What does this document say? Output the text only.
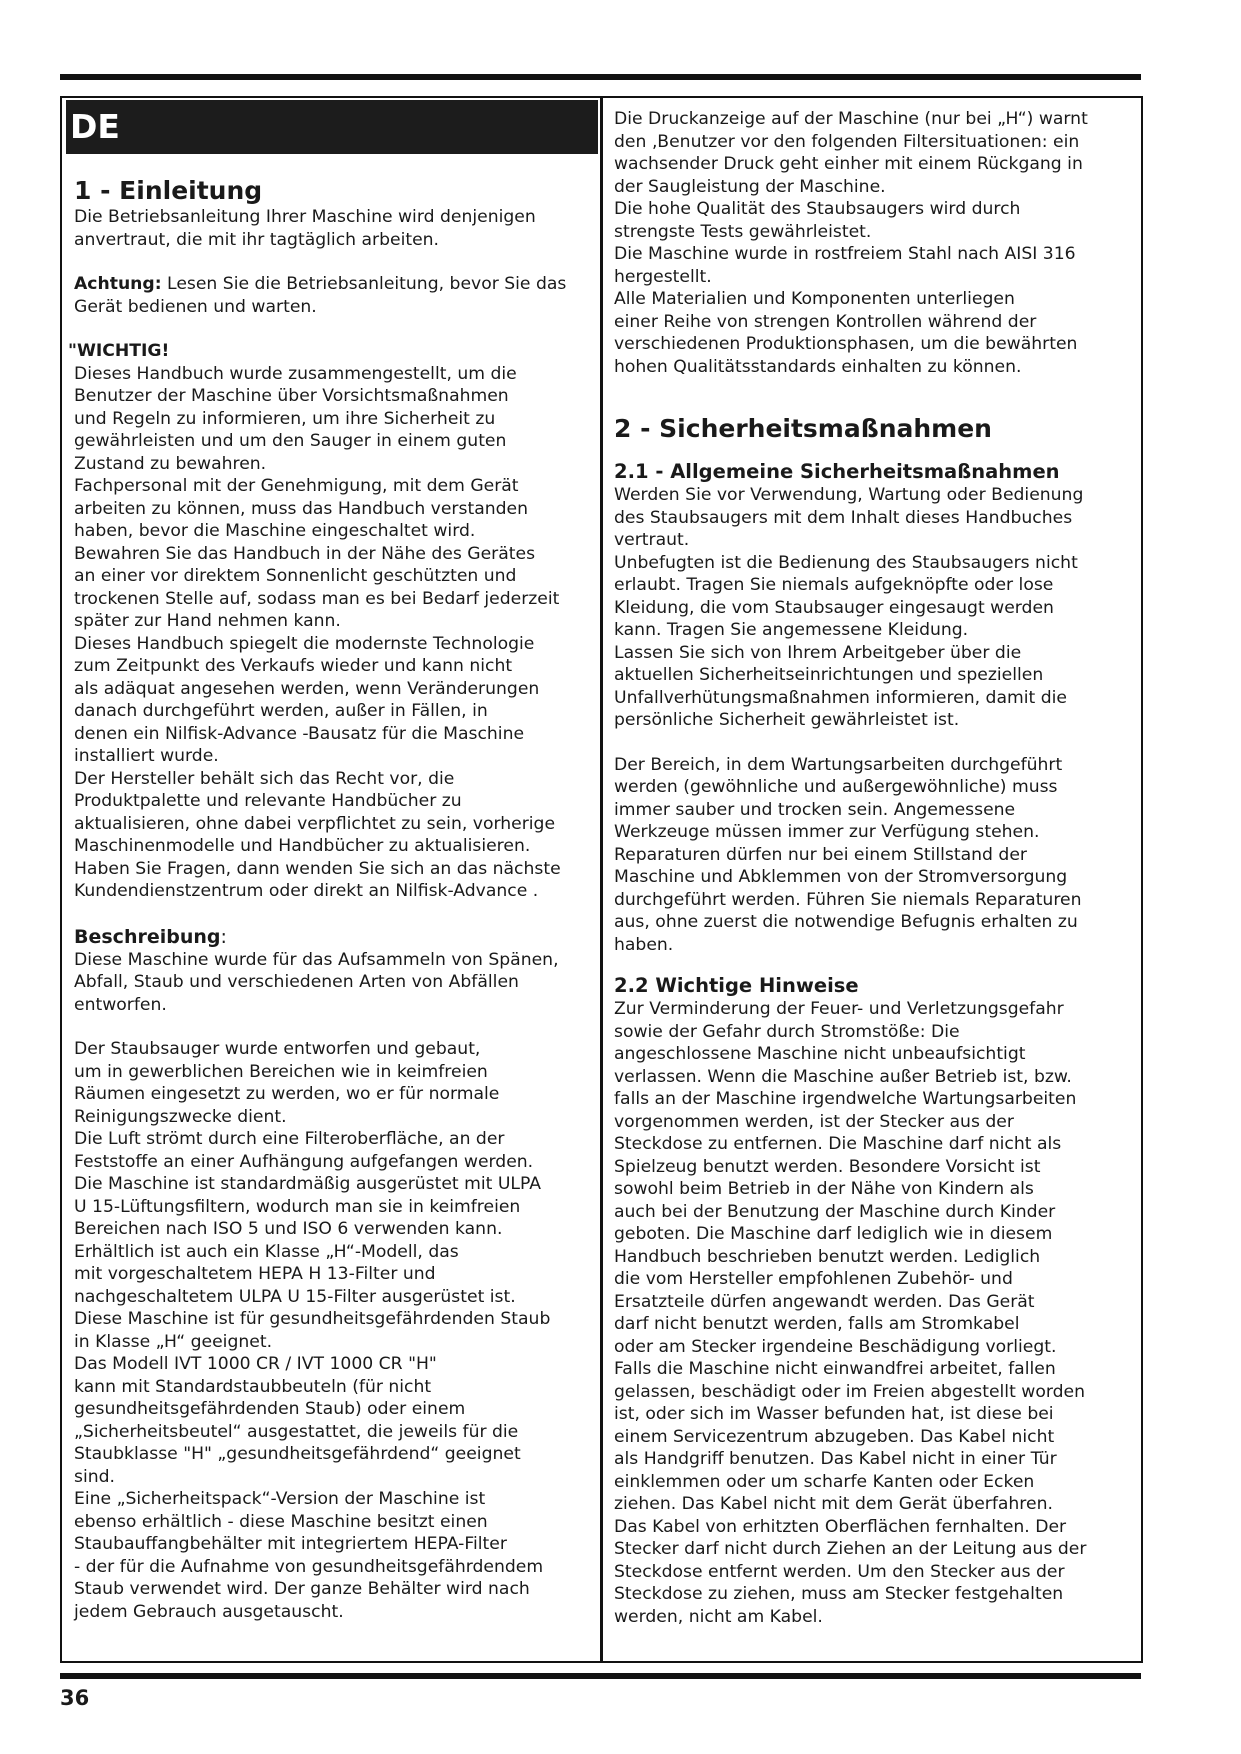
DE
1 - Einleitung

Die Betriebsanleitung Ihrer Maschine wird denjenigen
anvertraut, die mit ihr tagtäglich arbeiten.

Achtung: Lesen Sie die Betriebsanleitung, bevor Sie das
Gerät bedienen und warten.

"WICHTIG!

Dieses Handbuch wurde zusammengestellt, um die
Benutzer der Maschine über Vorsichtsmaßnahmen
und Regeln zu informieren, um ihre Sicherheit zu
gewährleisten und um den Sauger in einem guten
Zustand zu bewahren.
Fachpersonal mit der Genehmigung, mit dem Gerät
arbeiten zu können, muss das Handbuch verstanden
haben, bevor die Maschine eingeschaltet wird.
Bewahren Sie das Handbuch in der Nähe des Gerätes
an einer vor direktem Sonnenlicht geschützten und
trockenen Stelle auf, sodass man es bei Bedarf jederzeit
später zur Hand nehmen kann.
Dieses Handbuch spiegelt die modernste Technologie
zum Zeitpunkt des Verkaufs wieder und kann nicht
als adäquat angesehen werden, wenn Veränderungen
danach durchgeführt werden, außer in Fällen, in
denen ein Nilfisk-Advance -Bausatz für die Maschine
installiert wurde.
Der Hersteller behält sich das Recht vor, die
Produktpalette und relevante Handbücher zu
aktualisieren, ohne dabei verpflichtet zu sein, vorherige
Maschinenmodelle und Handbücher zu aktualisieren.
Haben Sie Fragen, dann wenden Sie sich an das nächste
Kundendienstzentrum oder direkt an Nilfisk-Advance .

Beschreibung:

Diese Maschine wurde für das Aufsammeln von Spänen,
Abfall, Staub und verschiedenen Arten von Abfällen
entworfen.

Der Staubsauger wurde entworfen und gebaut,
um in gewerblichen Bereichen wie in keimfreien
Räumen eingesetzt zu werden, wo er für normale
Reinigungszwecke dient.
Die Luft strömt durch eine Filteroberfläche, an der
Feststoffe an einer Aufhängung aufgefangen werden.
Die Maschine ist standardmäßig ausgerüstet mit ULPA
U 15-Lüftungsfiltern, wodurch man sie in keimfreien
Bereichen nach ISO 5 und ISO 6 verwenden kann.
Erhältlich ist auch ein Klasse „H“-Modell, das
mit vorgeschaltetem HEPA H 13-Filter und
nachgeschaltetem ULPA U 15-Filter ausgerüstet ist.
Diese Maschine ist für gesundheitsgefährdenden Staub
in Klasse „H“ geeignet.
Das Modell IVT 1000 CR / IVT 1000 CR "H"
kann mit Standardstaubbeuteln (für nicht
gesundheitsgefährdenden Staub) oder einem
„Sicherheitsbeutel“ ausgestattet, die jeweils für die
Staubklasse "H" „gesundheitsgefährdend“ geeignet
sind.
Eine „Sicherheitspack“-Version der Maschine ist
ebenso erhältlich - diese Maschine besitzt einen
Staubauffangbehälter mit integriertem HEPA-Filter
- der für die Aufnahme von gesundheitsgefährdendem
Staub verwendet wird. Der ganze Behälter wird nach
jedem Gebrauch ausgetauscht.

Die Druckanzeige auf der Maschine (nur bei „H“) warnt
den ‚Benutzer vor den folgenden Filtersituationen: ein
wachsender Druck geht einher mit einem Rückgang in
der Saugleistung der Maschine.
Die hohe Qualität des Staubsaugers wird durch
strengste Tests gewährleistet.
Die Maschine wurde in rostfreiem Stahl nach AISI 316
hergestellt.
Alle Materialien und Komponenten unterliegen
einer Reihe von strengen Kontrollen während der
verschiedenen Produktionsphasen, um die bewährten
hohen Qualitätsstandards einhalten zu können.

2 - Sicherheitsmaßnahmen
2.1 - Allgemeine Sicherheitsmaßnahmen

Werden Sie vor Verwendung, Wartung oder Bedienung
des Staubsaugers mit dem Inhalt dieses Handbuches
vertraut.
Unbefugten ist die Bedienung des Staubsaugers nicht
erlaubt. Tragen Sie niemals aufgeknöpfte oder lose
Kleidung, die vom Staubsauger eingesaugt werden
kann. Tragen Sie angemessene Kleidung.
Lassen Sie sich von Ihrem Arbeitgeber über die
aktuellen Sicherheitseinrichtungen und speziellen
Unfallverhütungsmaßnahmen informieren, damit die
persönliche Sicherheit gewährleistet ist.

Der Bereich, in dem Wartungsarbeiten durchgeführt
werden (gewöhnliche und außergewöhnliche) muss
immer sauber und trocken sein. Angemessene
Werkzeuge müssen immer zur Verfügung stehen.
Reparaturen dürfen nur bei einem Stillstand der
Maschine und Abklemmen von der Stromversorgung
durchgeführt werden. Führen Sie niemals Reparaturen
aus, ohne zuerst die notwendige Befugnis erhalten zu
haben.

2.2 Wichtige Hinweise

Zur Verminderung der Feuer- und Verletzungsgefahr
sowie der Gefahr durch Stromstöße: Die
angeschlossene Maschine nicht unbeaufsichtigt
verlassen. Wenn die Maschine außer Betrieb ist, bzw.
falls an der Maschine irgendwelche Wartungsarbeiten
vorgenommen werden, ist der Stecker aus der
Steckdose zu entfernen. Die Maschine darf nicht als
Spielzeug benutzt werden. Besondere Vorsicht ist
sowohl beim Betrieb in der Nähe von Kindern als
auch bei der Benutzung der Maschine durch Kinder
geboten. Die Maschine darf lediglich wie in diesem
Handbuch beschrieben benutzt werden. Lediglich
die vom Hersteller empfohlenen Zubehör- und
Ersatzteile dürfen angewandt werden. Das Gerät
darf nicht benutzt werden, falls am Stromkabel
oder am Stecker irgendeine Beschädigung vorliegt.
Falls die Maschine nicht einwandfrei arbeitet, fallen
gelassen, beschädigt oder im Freien abgestellt worden
ist, oder sich im Wasser befunden hat, ist diese bei
einem Servicezentrum abzugeben. Das Kabel nicht
als Handgriff benutzen. Das Kabel nicht in einer Tür
einklemmen oder um scharfe Kanten oder Ecken
ziehen. Das Kabel nicht mit dem Gerät überfahren.
Das Kabel von erhitzten Oberflächen fernhalten. Der
Stecker darf nicht durch Ziehen an der Leitung aus der
Steckdose entfernt werden. Um den Stecker aus der
Steckdose zu ziehen, muss am Stecker festgehalten
werden, nicht am Kabel.

36
